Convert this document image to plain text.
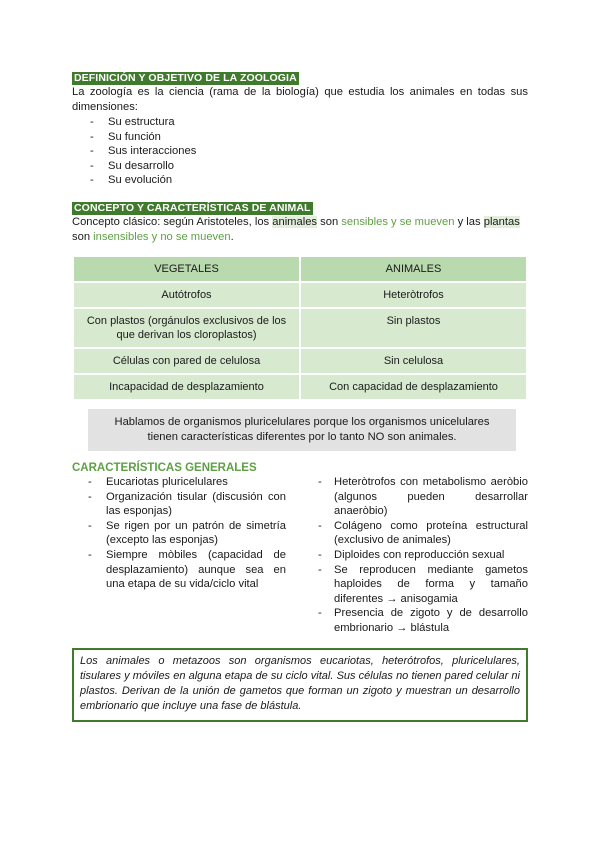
DEFINICIÓN Y OBJETIVO DE LA ZOOLOGIA

La zoología es la ciencia (rama de la biología) que estudia los animales en todas sus dimensiones:

- Su estructura
- Su función
- Sus interacciones
- Su desarrollo
- Su evolución
CONCEPTO Y CARACTERÍSTICAS DE ANIMAL

Concepto clásico: según Aristoteles, los animales son sensibles y se mueven y las plantas son insensibles y no se mueven.

VEGETALES	ANIMALES
Autótrofos	Heteròtrofos
Con plastos (orgánulos exclusivos de los que derivan los cloroplastos)	Sin plastos
Células con pared de celulosa	Sin celulosa
Incapacidad de desplazamiento	Con capacidad de desplazamiento
Hablamos de organismos pluricelulares porque los organismos unicelulares tienen características diferentes por lo tanto NO son animales.
CARACTERÍSTICAS GENERALES
- Eucariotas pluricelulares
- Organización tisular (discusión con las esponjas)
- Se rigen por un patrón de simetría (excepto las esponjas)
- Siempre mòbiles (capacidad de desplazamiento) aunque sea en una etapa de su vida/ciclo vital
- Heteròtrofos con metabolismo aeròbio (algunos pueden desarrollar anaeròbio)
- Colágeno como proteína estructural (exclusivo de animales)
- Diploides con reproducción sexual
- Se reproducen mediante gametos haploides de forma y tamaño diferentes → anisogamia
- Presencia de zigoto y de desarrollo embrionario → blástula
Los animales o metazoos son organismos eucariotas, heterótrofos, pluricelulares, tisulares y móviles en alguna etapa de su ciclo vital. Sus células no tienen pared celular ni plastos. Derivan de la unión de gametos que forman un zigoto y muestran un desarrollo embrionario que incluye una fase de blástula.
